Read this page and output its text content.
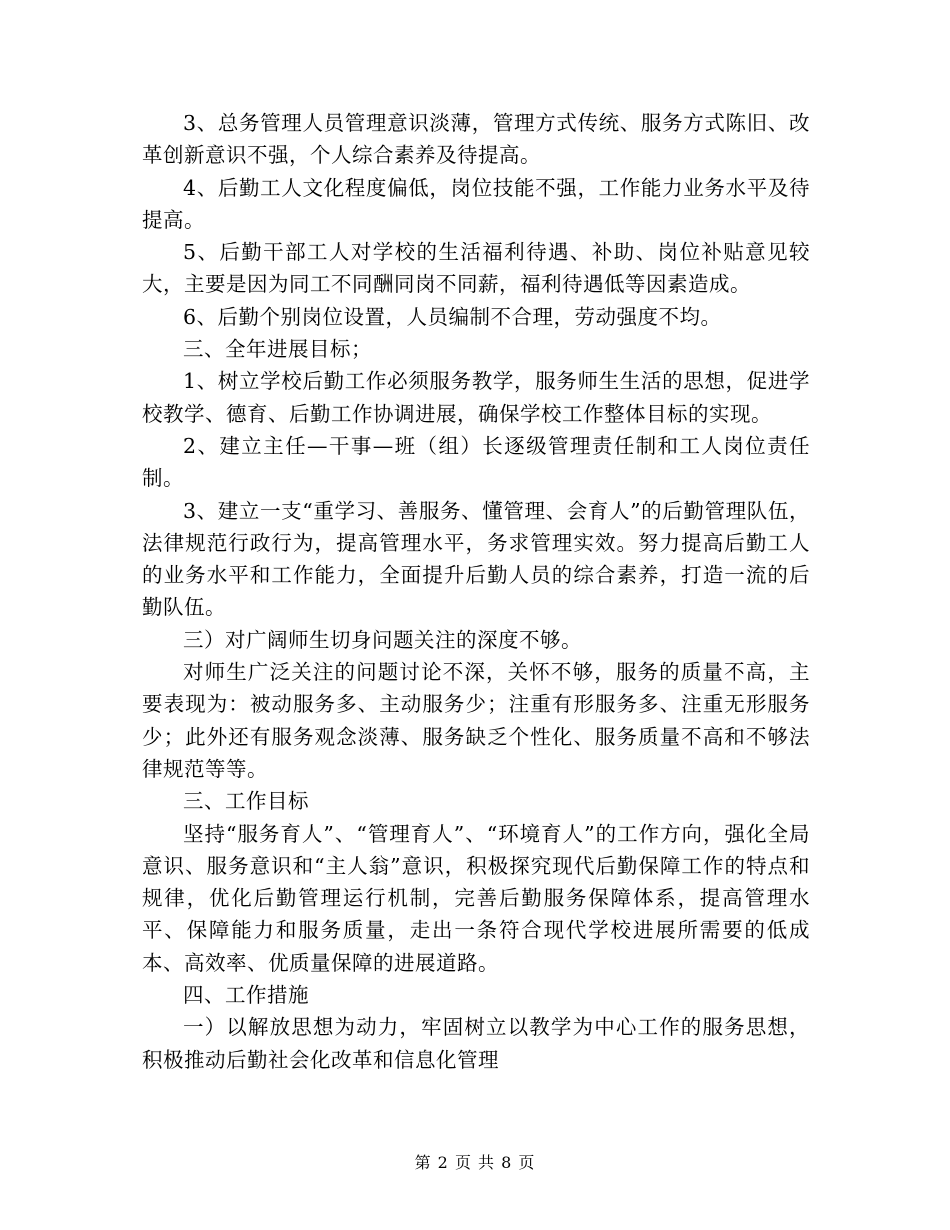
3、总务管理人员管理意识淡薄，管理方式传统、服务方式陈旧、改革创新意识不强，个人综合素养及待提高。

4、后勤工人文化程度偏低，岗位技能不强，工作能力业务水平及待提高。

5、后勤干部工人对学校的生活福利待遇、补助、岗位补贴意见较大，主要是因为同工不同酬同岗不同薪，福利待遇低等因素造成。

6、后勤个别岗位设置，人员编制不合理，劳动强度不均。

三、全年进展目标；

1、树立学校后勤工作必须服务教学，服务师生生活的思想，促进学校教学、德育、后勤工作协调进展，确保学校工作整体目标的实现。

2、建立主任—干事—班（组）长逐级管理责任制和工人岗位责任制。

3、建立一支“重学习、善服务、懂管理、会育人”的后勤管理队伍，法律规范行政行为，提高管理水平，务求管理实效。努力提高后勤工人的业务水平和工作能力，全面提升后勤人员的综合素养，打造一流的后勤队伍。

三）对广阔师生切身问题关注的深度不够。

对师生广泛关注的问题讨论不深，关怀不够，服务的质量不高，主要表现为：被动服务多、主动服务少；注重有形服务多、注重无形服务少；此外还有服务观念淡薄、服务缺乏个性化、服务质量不高和不够法律规范等等。

三、工作目标

坚持“服务育人”、“管理育人”、“环境育人”的工作方向，强化全局意识、服务意识和“主人翁”意识，积极探究现代后勤保障工作的特点和规律，优化后勤管理运行机制，完善后勤服务保障体系，提高管理水平、保障能力和服务质量，走出一条符合现代学校进展所需要的低成本、高效率、优质量保障的进展道路。

四、工作措施

一）以解放思想为动力，牢固树立以教学为中心工作的服务思想，积极推动后勤社会化改革和信息化管理

第 2 页 共 8 页
